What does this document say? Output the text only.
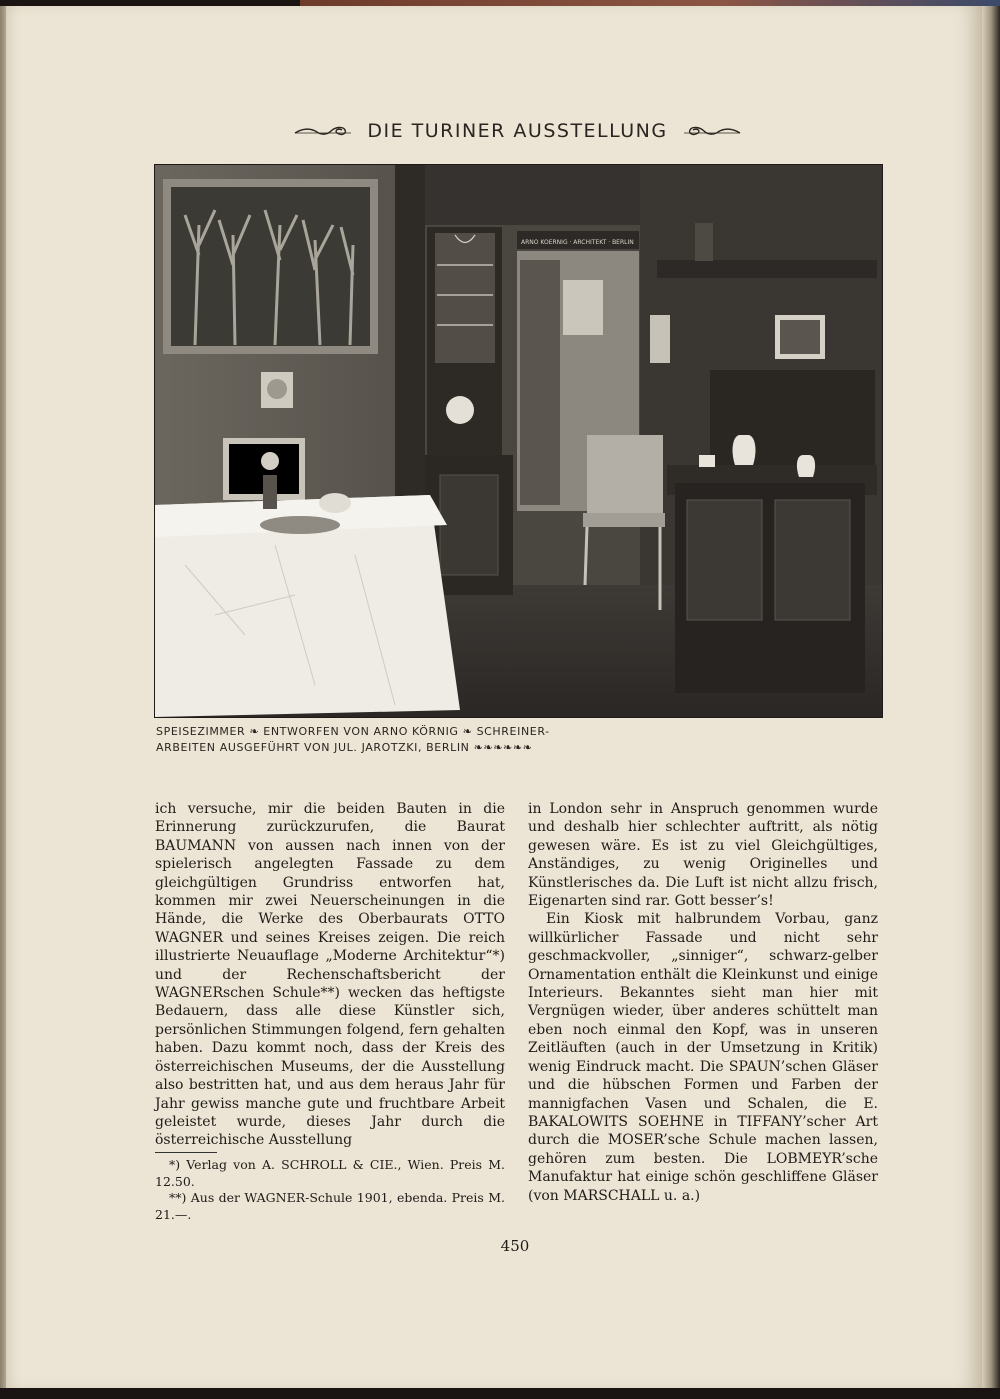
DIE TURINER AUSSTELLUNG
ARNO KOERNIG · ARCHITEKT · BERLIN
SPEISEZIMMER ❧ ENTWORFEN VON ARNO KÖRNIG ❧ SCHREINER-
ARBEITEN AUSGEFÜHRT VON JUL. JAROTZKI, BERLIN ❧❧❧❧❧❧

ich versuche, mir die beiden Bauten in die Erinnerung zurückzurufen, die Baurat BAUMANN von aussen nach innen von der spielerisch angelegten Fassade zu dem gleichgültigen Grundriss entworfen hat, kommen mir zwei Neuerscheinungen in die Hände, die Werke des Oberbaurats OTTO WAGNER und seines Kreises zeigen. Die reich illustrierte Neuauflage „Moderne Architektur“*) und der Rechenschaftsbericht der WAGNERschen Schule**) wecken das heftigste Bedauern, dass alle diese Künstler sich, persönlichen Stimmungen folgend, fern gehalten haben. Dazu kommt noch, dass der Kreis des österreichischen Museums, der die Ausstellung also bestritten hat, und aus dem heraus Jahr für Jahr gewiss manche gute und fruchtbare Arbeit geleistet wurde, dieses Jahr durch die österreichische Ausstellung

in London sehr in Anspruch genommen wurde und deshalb hier schlechter auftritt, als nötig gewesen wäre. Es ist zu viel Gleichgültiges, Anständiges, zu wenig Originelles und Künstlerisches da. Die Luft ist nicht allzu frisch, Eigenarten sind rar. Gott besser’s!

Ein Kiosk mit halbrundem Vorbau, ganz willkürlicher Fassade und nicht sehr geschmackvoller, „sinniger“, schwarz-gelber Ornamentation enthält die Kleinkunst und einige Interieurs. Bekanntes sieht man hier mit Vergnügen wieder, über anderes schüttelt man eben noch einmal den Kopf, was in unseren Zeitläuften (auch in der Umsetzung in Kritik) wenig Eindruck macht. Die SPAUN’schen Gläser und die hübschen Formen und Farben der mannigfachen Vasen und Schalen, die E. BAKALOWITS SOEHNE in TIFFANY’scher Art durch die MOSER’sche Schule machen lassen, gehören zum besten. Die LOBMEYR’sche Manufaktur hat einige schön geschliffene Gläser (von MARSCHALL u. a.)

*) Verlag von A. SCHROLL & CIE., Wien. Preis M. 12.50.

**) Aus der WAGNER-Schule 1901, ebenda. Preis M. 21.—.

450
